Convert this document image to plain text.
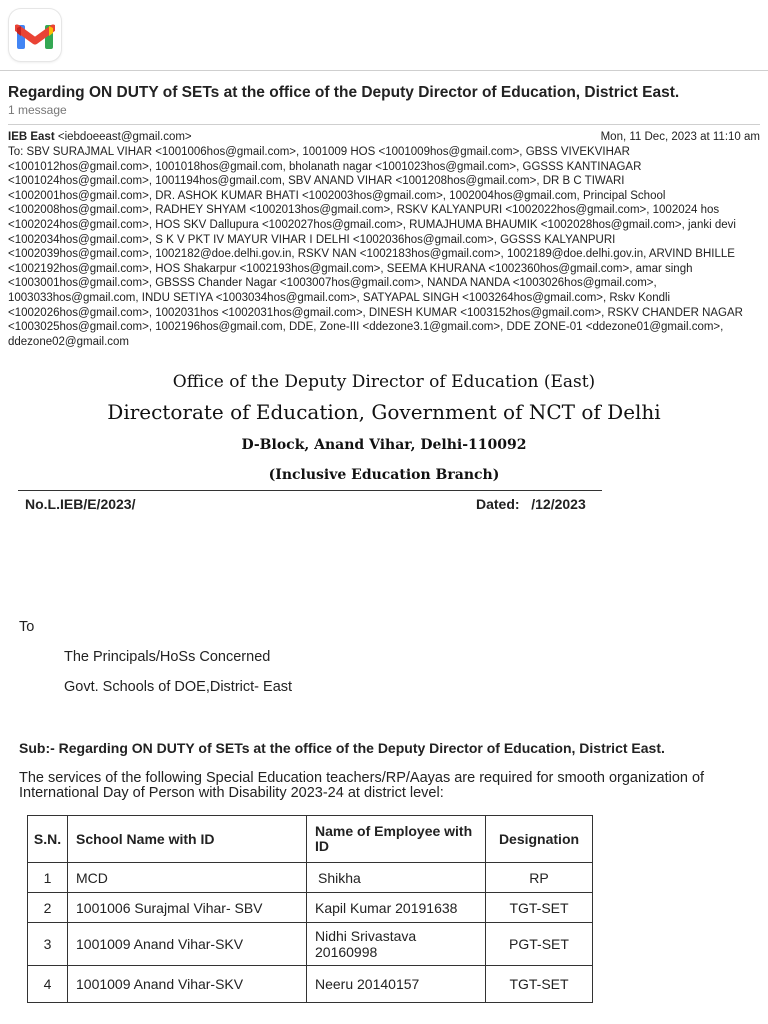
Regarding ON DUTY of SETs at the office of the Deputy Director of Education, District East.
1 message
IEB East <iebdoeeast@gmail.com>	Mon, 11 Dec, 2023 at 11:10 am
To: SBV SURAJMAL VIHAR <1001006hos@gmail.com>, 1001009 HOS <1001009hos@gmail.com>, GBSS VIVEKVIHAR <1001012hos@gmail.com>, 1001018hos@gmail.com, bholanath nagar <1001023hos@gmail.com>, GGSSS KANTINAGAR <1001024hos@gmail.com>, 1001194hos@gmail.com, SBV ANAND VIHAR <1001208hos@gmail.com>, DR B C TIWARI <1002001hos@gmail.com>, DR. ASHOK KUMAR BHATI <1002003hos@gmail.com>, 1002004hos@gmail.com, Principal School <1002008hos@gmail.com>, RADHEY SHYAM <1002013hos@gmail.com>, RSKV KALYANPURI <1002022hos@gmail.com>, 1002024 hos <1002024hos@gmail.com>, HOS SKV Dallupura <1002027hos@gmail.com>, RUMAJHUMA BHAUMIK <1002028hos@gmail.com>, janki devi <1002034hos@gmail.com>, S K V PKT IV MAYUR VIHAR I DELHI <1002036hos@gmail.com>, GGSSS KALYANPURI <1002039hos@gmail.com>, 1002182@doe.delhi.gov.in, RSKV NAN <1002183hos@gmail.com>, 1002189@doe.delhi.gov.in, ARVIND BHILLE <1002192hos@gmail.com>, HOS Shakarpur <1002193hos@gmail.com>, SEEMA KHURANA <1002360hos@gmail.com>, amar singh <1003001hos@gmail.com>, GBSSS Chander Nagar <1003007hos@gmail.com>, NANDA NANDA <1003026hos@gmail.com>, 1003033hos@gmail.com, INDU SETIYA <1003034hos@gmail.com>, SATYAPAL SINGH <1003264hos@gmail.com>, Rskv Kondli <1002026hos@gmail.com>, 1002031hos <1002031hos@gmail.com>, DINESH KUMAR <1003152hos@gmail.com>, RSKV CHANDER NAGAR <1003025hos@gmail.com>, 1002196hos@gmail.com, DDE, Zone-III <ddezone3.1@gmail.com>, DDE ZONE-01 <ddezone01@gmail.com>, ddezone02@gmail.com
Office of the Deputy Director of Education (East)
Directorate of Education, Government of NCT of Delhi
D-Block, Anand Vihar, Delhi-110092
(Inclusive Education Branch)
No.L.IEB/E/2023/	Dated:   /12/2023
To
The Principals/HoSs Concerned
Govt. Schools of DOE,District- East
Sub:- Regarding ON DUTY of SETs at the office of the Deputy Director of Education, District East.
The services of the following Special Education teachers/RP/Aayas are required for smooth organization of International Day of Person with Disability 2023-24 at district level:
S.N.	School Name with ID	Name of Employee with ID	Designation
1	MCD	Shikha	RP
2	1001006 Surajmal Vihar- SBV	Kapil Kumar 20191638	TGT-SET
3	1001009 Anand Vihar-SKV	Nidhi Srivastava 20160998	PGT-SET
4	1001009 Anand Vihar-SKV	Neeru 20140157	TGT-SET
